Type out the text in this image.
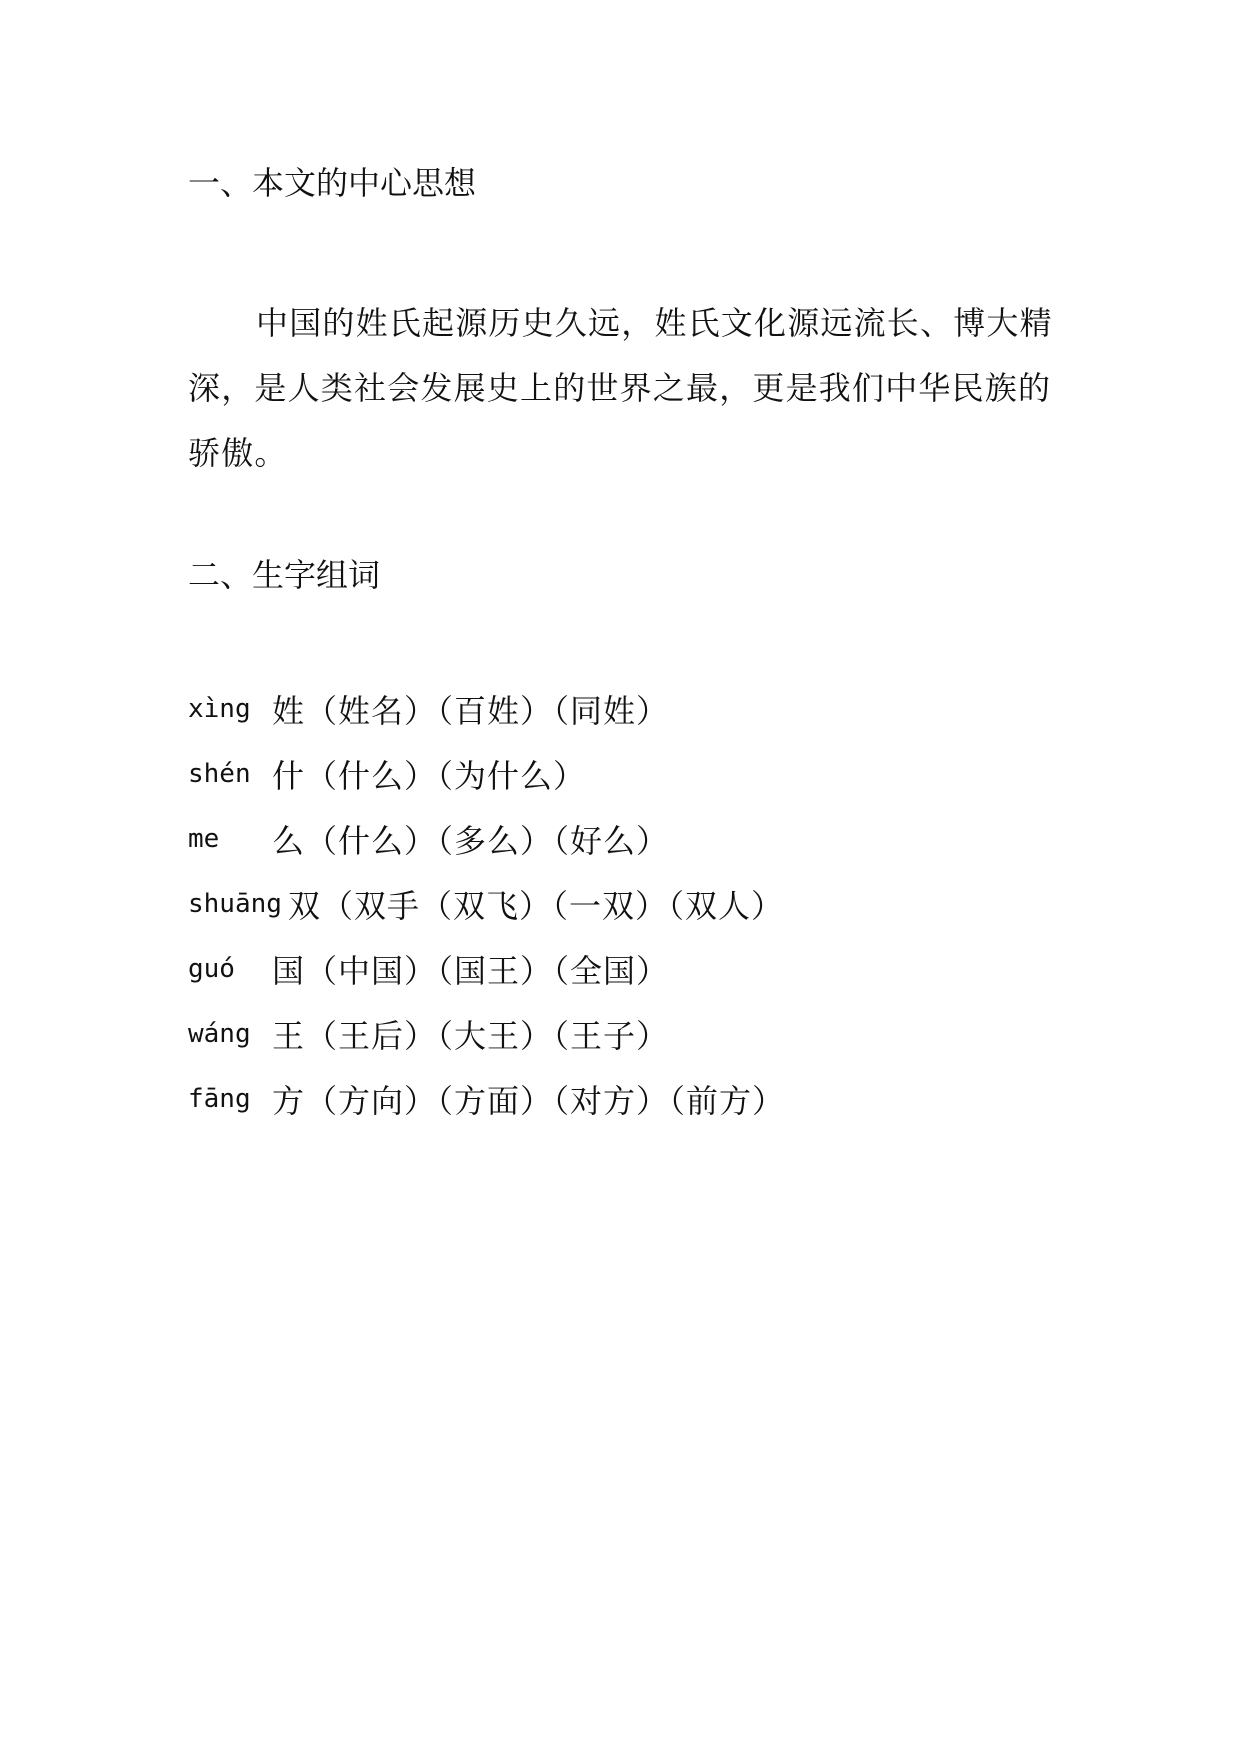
一、本文的中心思想
中国的姓氏起源历史久远，姓氏文化源远流长、博大精深，是人类社会发展史上的世界之最，更是我们中华民族的骄傲。
二、生字组词
xìng 姓（姓名）（百姓）（同姓）
shén 什（什么）（为什么）
me	么（什么）（多么）（好么）
shuāng 双（双手（双飞）（一双）（双人）
guó	国（中国）（国王）（全国）
wáng 王（王后）（大王）（王子）
fāng 方（方向）（方面）（对方）（前方）
